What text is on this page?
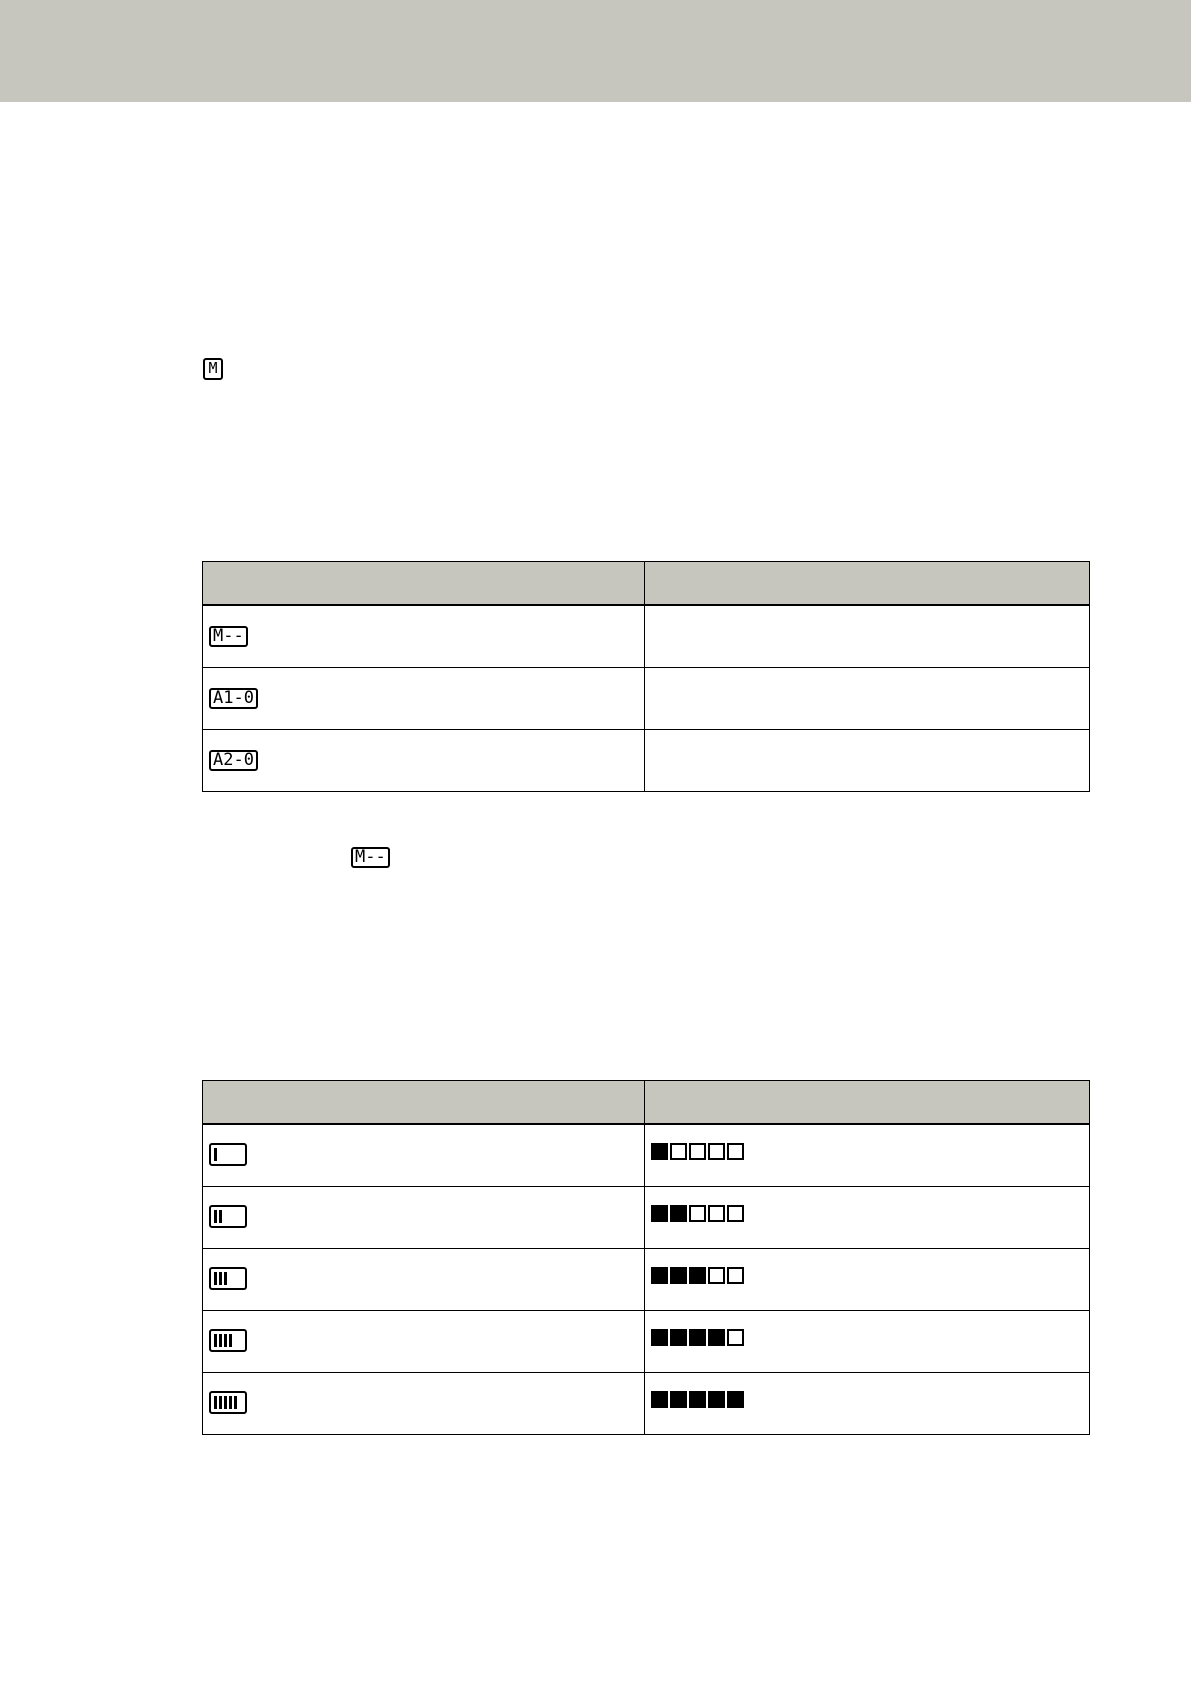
M

M--	

A1-0	

A2-0	

M--
